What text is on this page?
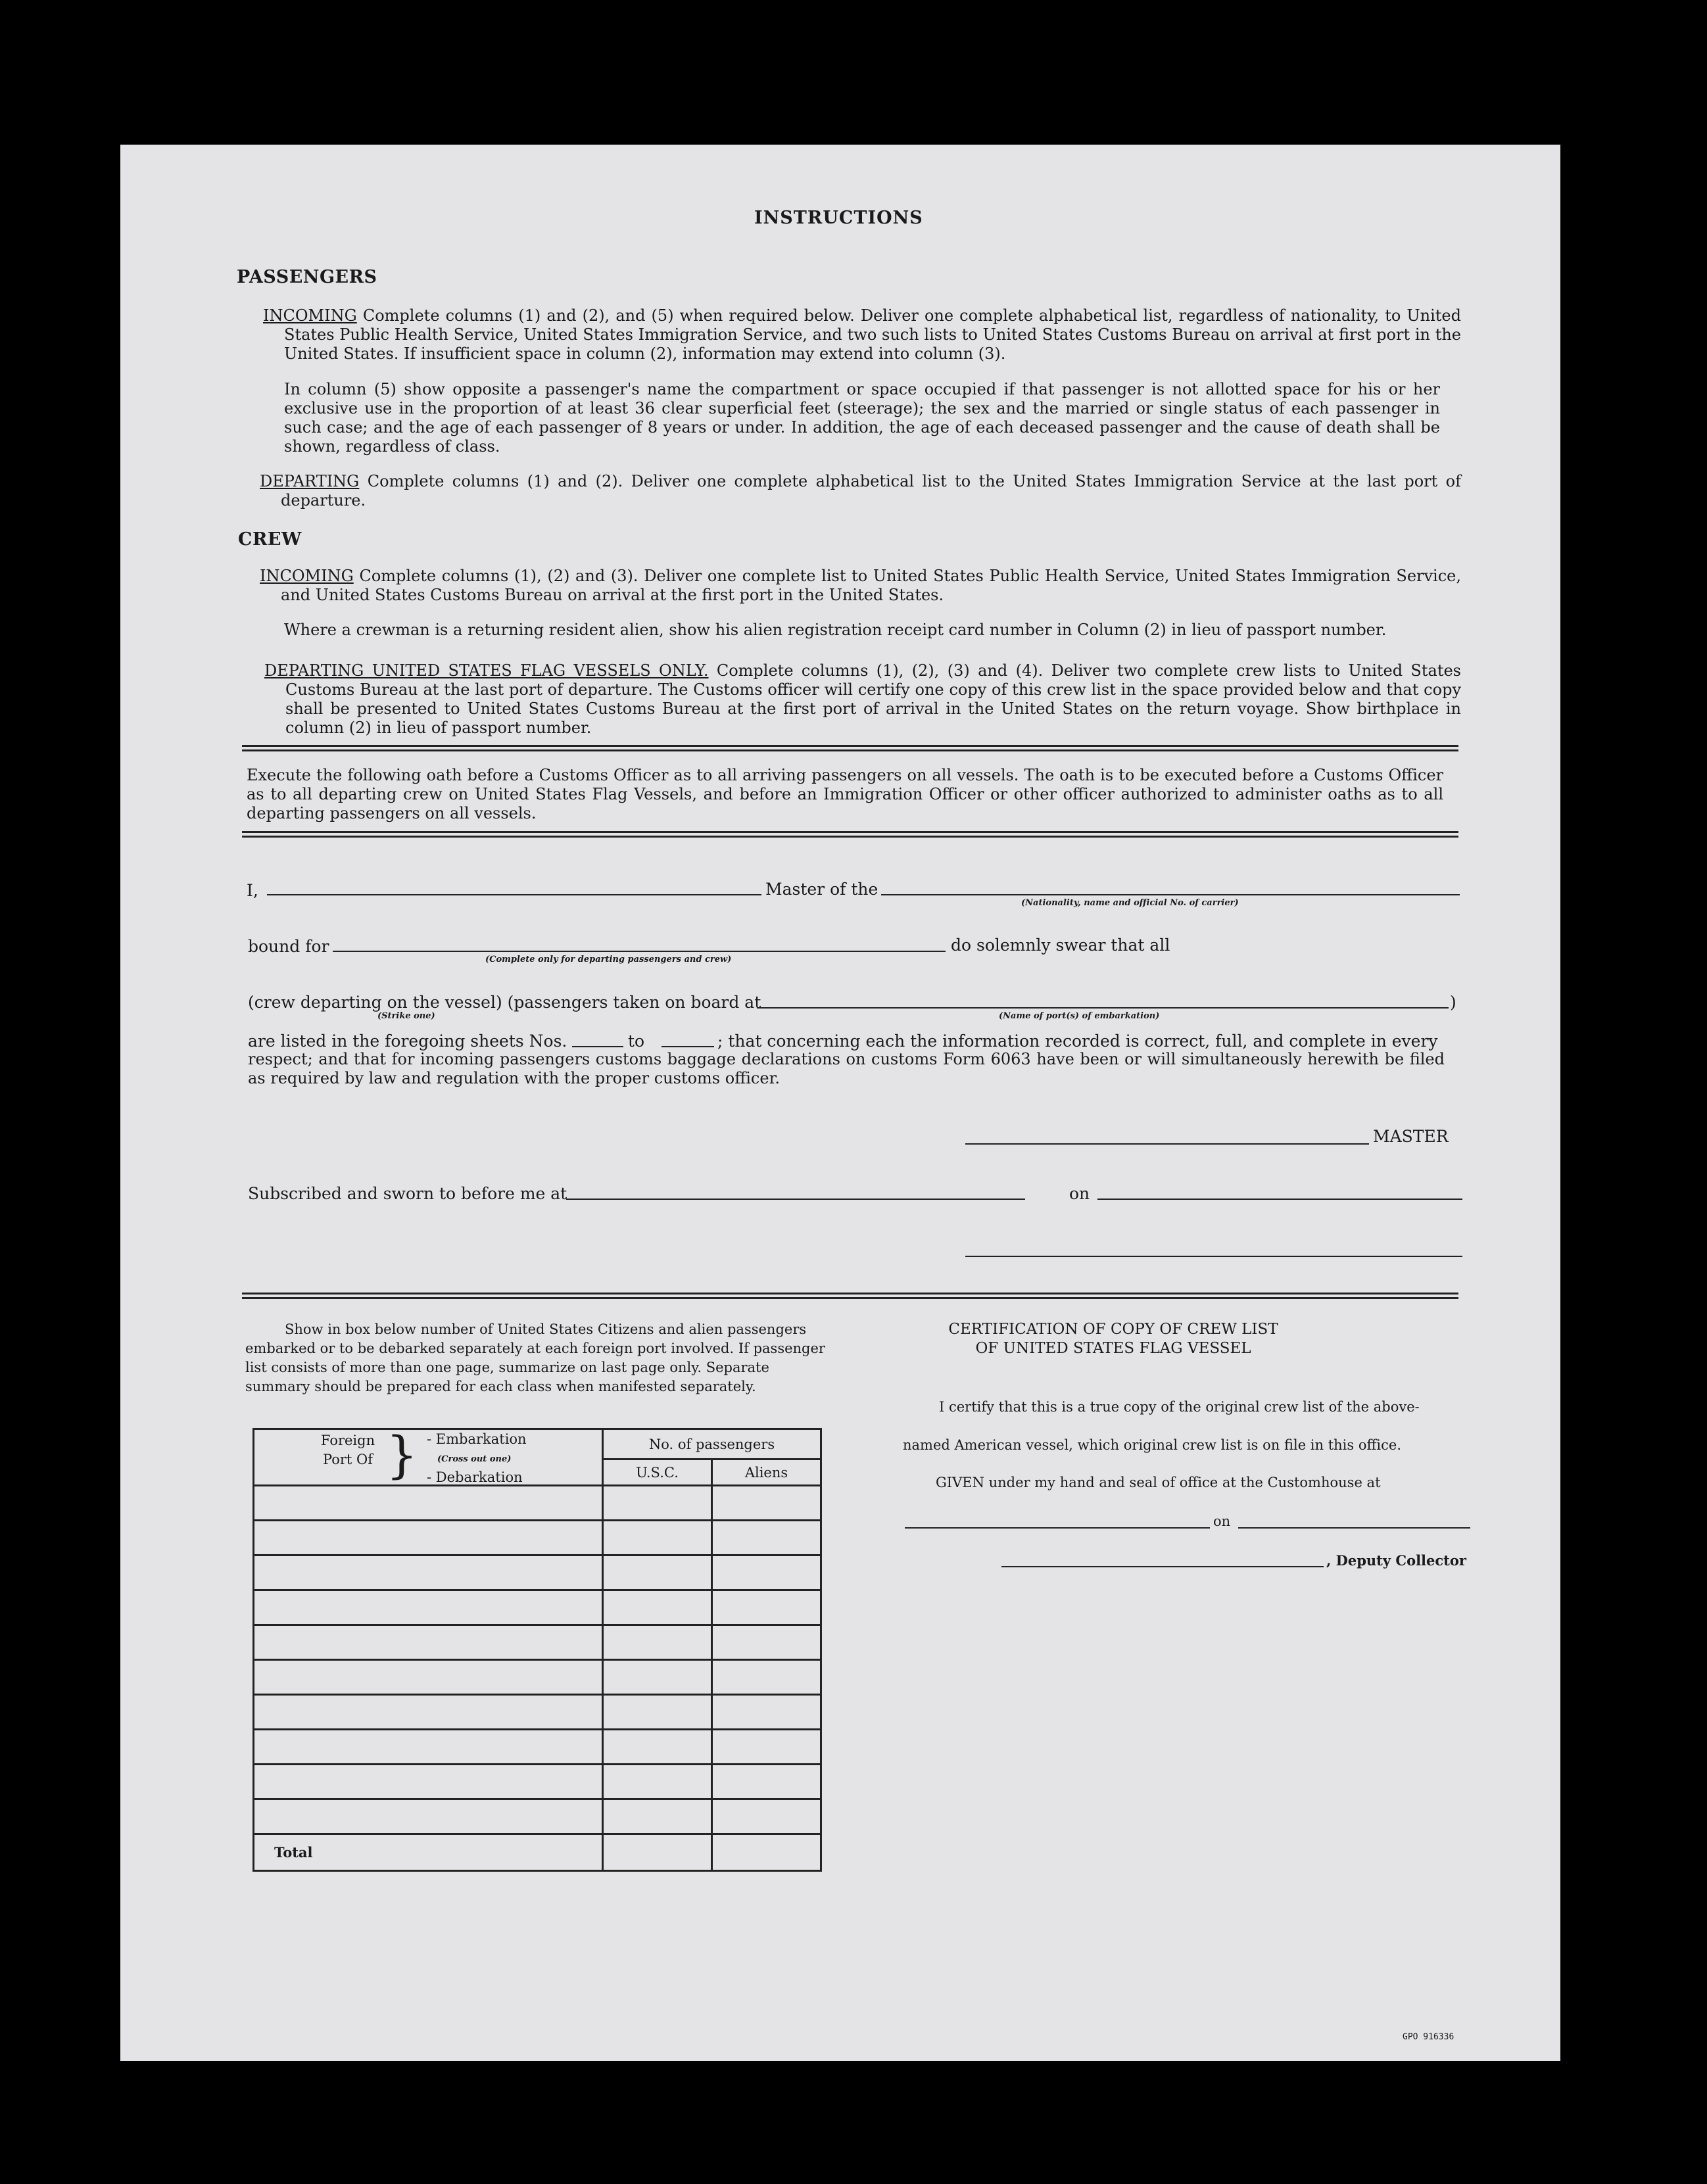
INSTRUCTIONS
PASSENGERS
INCOMING Complete columns (1) and (2), and (5) when required below. Deliver one complete alphabetical list, regardless of nationality, to United States Public Health Service, United States Immigration Service, and two such lists to United States Customs Bureau on arrival at first port in the United States. If insufficient space in column (2), information may extend into column (3).
In column (5) show opposite a passenger's name the compartment or space occupied if that passenger is not allotted space for his or her exclusive use in the proportion of at least 36 clear superficial feet (steerage); the sex and the married or single status of each passenger in such case; and the age of each passenger of 8 years or under. In addition, the age of each deceased passenger and the cause of death shall be shown, regardless of class.
DEPARTING Complete columns (1) and (2). Deliver one complete alphabetical list to the United States Immigration Service at the last port of departure.
CREW
INCOMING Complete columns (1), (2) and (3). Deliver one complete list to United States Public Health Service, United States Immigration Service, and United States Customs Bureau on arrival at the first port in the United States.
Where a crewman is a returning resident alien, show his alien registration receipt card number in Column (2) in lieu of passport number.
DEPARTING UNITED STATES FLAG VESSELS ONLY. Complete columns (1), (2), (3) and (4). Deliver two complete crew lists to United States Customs Bureau at the last port of departure. The Customs officer will certify one copy of this crew list in the space provided below and that copy shall be presented to United States Customs Bureau at the first port of arrival in the United States on the return voyage. Show birthplace in column (2) in lieu of passport number.
Execute the following oath before a Customs Officer as to all arriving passengers on all vessels. The oath is to be executed before a Customs Officer as to all departing crew on United States Flag Vessels, and before an Immigration Officer or other officer authorized to administer oaths as to all departing passengers on all vessels.
I,	Master of the
(Nationality, name and official No. of carrier)
bound for
(Complete only for departing passengers and crew)
do solemnly swear that all
(crew departing on the vessel) (passengers taken on board at
(Strike one)	(Name of port(s) of embarkation)
)
are listed in the foregoing sheets Nos.	to	; that concerning each the information recorded is correct, full, and complete in every
respect; and that for incoming passengers customs baggage declarations on customs Form 6063 have been or will simultaneously herewith be filed as required by law and regulation with the proper customs officer.
MASTER
Subscribed and sworn to before me at	on
Show in box below number of United States Citizens and alien passengers embarked or to be debarked separately at each foreign port involved. If passenger list consists of more than one page, summarize on last page only. Separate summary should be prepared for each class when manifested separately.
Foreign Port Of } - Embarkation
(Cross out one)
- Debarkation	No. of passengers	
	U.S.C.	Aliens

Total		
CERTIFICATION OF COPY OF CREW LIST
OF UNITED STATES FLAG VESSEL
I certify that this is a true copy of the original crew list of the above-
named American vessel, which original crew list is on file in this office.
GIVEN under my hand and seal of office at the Customhouse at
on
, Deputy Collector
GPO 916336
